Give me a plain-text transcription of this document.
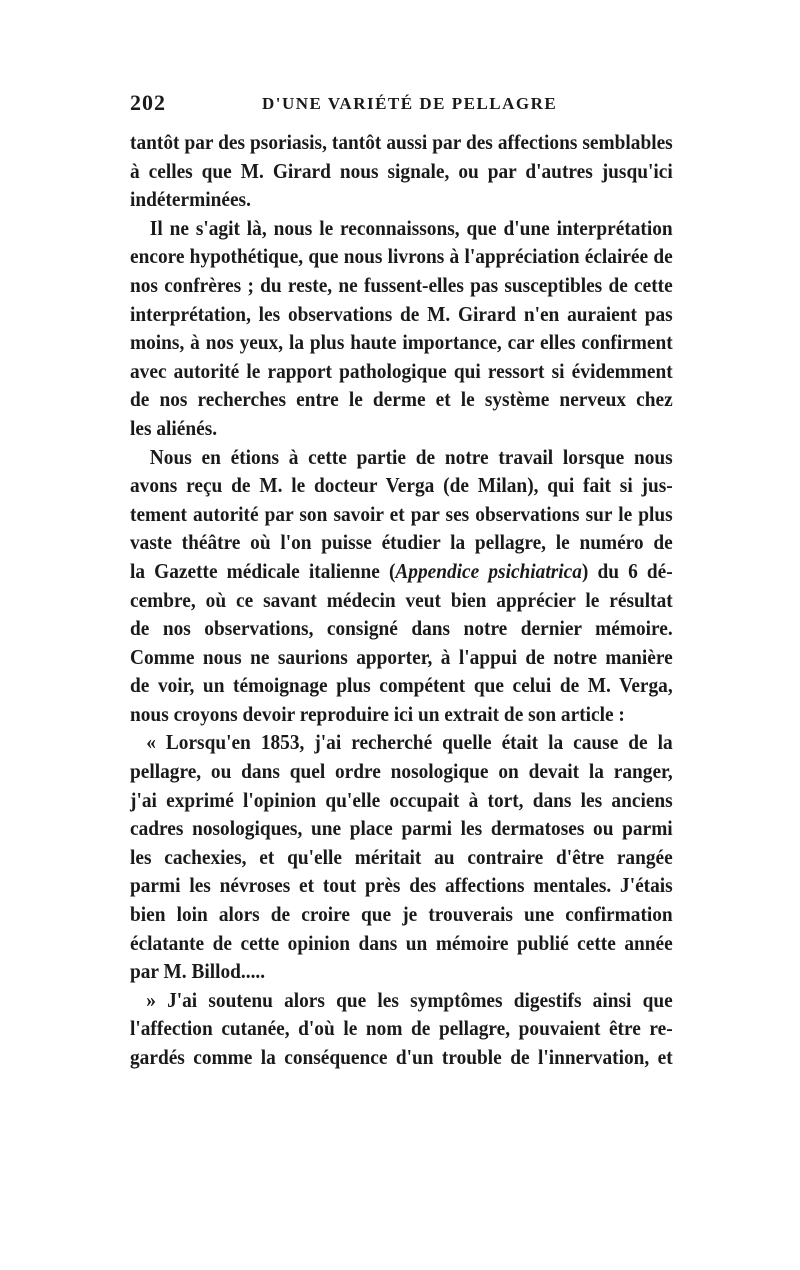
202	D'UNE VARIÉTÉ DE PELLAGRE
tantôt par des psoriasis, tantôt aussi par des affections semblables
à celles que M. Girard nous signale, ou par d'autres jusqu'ici
indéterminées.
Il ne s'agit là, nous le reconnaissons, que d'une interprétation
encore hypothétique, que nous livrons à l'appréciation éclairée de
nos confrères ; du reste, ne fussent-elles pas susceptibles de cette
interprétation, les observations de M. Girard n'en auraient pas
moins, à nos yeux, la plus haute importance, car elles confirment
avec autorité le rapport pathologique qui ressort si évidemment
de nos recherches entre le derme et le système nerveux chez
les aliénés.
Nous en étions à cette partie de notre travail lorsque nous
avons reçu de M. le docteur Verga (de Milan), qui fait si jus-
tement autorité par son savoir et par ses observations sur le plus
vaste théâtre où l'on puisse étudier la pellagre, le numéro de
la Gazette médicale italienne (Appendice psichiatrica) du 6 dé-
cembre, où ce savant médecin veut bien apprécier le résultat
de nos observations, consigné dans notre dernier mémoire.
Comme nous ne saurions apporter, à l'appui de notre manière
de voir, un témoignage plus compétent que celui de M. Verga,
nous croyons devoir reproduire ici un extrait de son article :
« Lorsqu'en 1853, j'ai recherché quelle était la cause de la
pellagre, ou dans quel ordre nosologique on devait la ranger,
j'ai exprimé l'opinion qu'elle occupait à tort, dans les anciens
cadres nosologiques, une place parmi les dermatoses ou parmi
les cachexies, et qu'elle méritait au contraire d'être rangée
parmi les névroses et tout près des affections mentales. J'étais
bien loin alors de croire que je trouverais une confirmation
éclatante de cette opinion dans un mémoire publié cette année
par M. Billod.....
» J'ai soutenu alors que les symptômes digestifs ainsi que
l'affection cutanée, d'où le nom de pellagre, pouvaient être re-
gardés comme la conséquence d'un trouble de l'innervation, et
